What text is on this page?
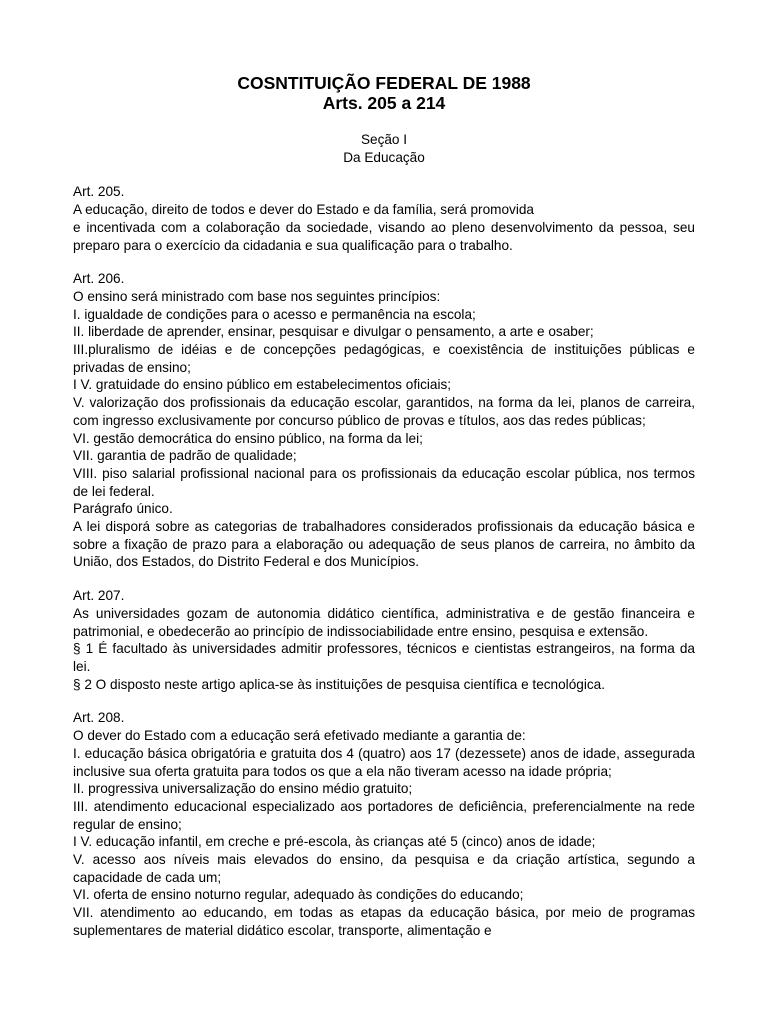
COSNTITUIÇÃO FEDERAL DE 1988
Arts. 205 a 214
Seção I
Da Educação
Art. 205.

A educação, direito de todos e dever do Estado e da família, será promovida

e incentivada com a colaboração da sociedade, visando ao pleno desenvolvimento da pessoa, seu preparo para o exercício da cidadania e sua qualificação para o trabalho.

Art. 206.

O ensino será ministrado com base nos seguintes princípios:

I. igualdade de condições para o acesso e permanência na escola;

II. liberdade de aprender, ensinar, pesquisar e divulgar o pensamento, a arte e osaber;

III.pluralismo de idéias e de concepções pedagógicas, e coexistência de instituições públicas e privadas de ensino;

I V. gratuidade do ensino público em estabelecimentos oficiais;

V. valorização dos profissionais da educação escolar, garantidos, na forma da lei, planos de carreira, com ingresso exclusivamente por concurso público de provas e títulos, aos das redes públicas;

VI. gestão democrática do ensino público, na forma da lei;

VII. garantia de padrão de qualidade;

VIII. piso salarial profissional nacional para os profissionais da educação escolar pública, nos termos de lei federal.

Parágrafo único.

A lei disporá sobre as categorias de trabalhadores considerados profissionais da educação básica e sobre a fixação de prazo para a elaboração ou adequação de seus planos de carreira, no âmbito da União, dos Estados, do Distrito Federal e dos Municípios.

Art. 207.

As universidades gozam de autonomia didático científica, administrativa e de gestão financeira e patrimonial, e obedecerão ao princípio de indissociabilidade entre ensino, pesquisa e extensão.

§ 1 É facultado às universidades admitir professores, técnicos e cientistas estrangeiros, na forma da lei.

§ 2 O disposto neste artigo aplica-se às instituições de pesquisa científica e tecnológica.

Art. 208.

O dever do Estado com a educação será efetivado mediante a garantia de:

I. educação básica obrigatória e gratuita dos 4 (quatro) aos 17 (dezessete) anos de idade, assegurada inclusive sua oferta gratuita para todos os que a ela não tiveram acesso na idade própria;

II. progressiva universalização do ensino médio gratuito;

III. atendimento educacional especializado aos portadores de deficiência, preferencialmente na rede regular de ensino;

I V. educação infantil, em creche e pré-escola, às crianças até 5 (cinco) anos de idade;

V. acesso aos níveis mais elevados do ensino, da pesquisa e da criação artística, segundo a capacidade de cada um;

VI. oferta de ensino noturno regular, adequado às condições do educando;

VII. atendimento ao educando, em todas as etapas da educação básica, por meio de programas suplementares de material didático escolar, transporte, alimentação e
